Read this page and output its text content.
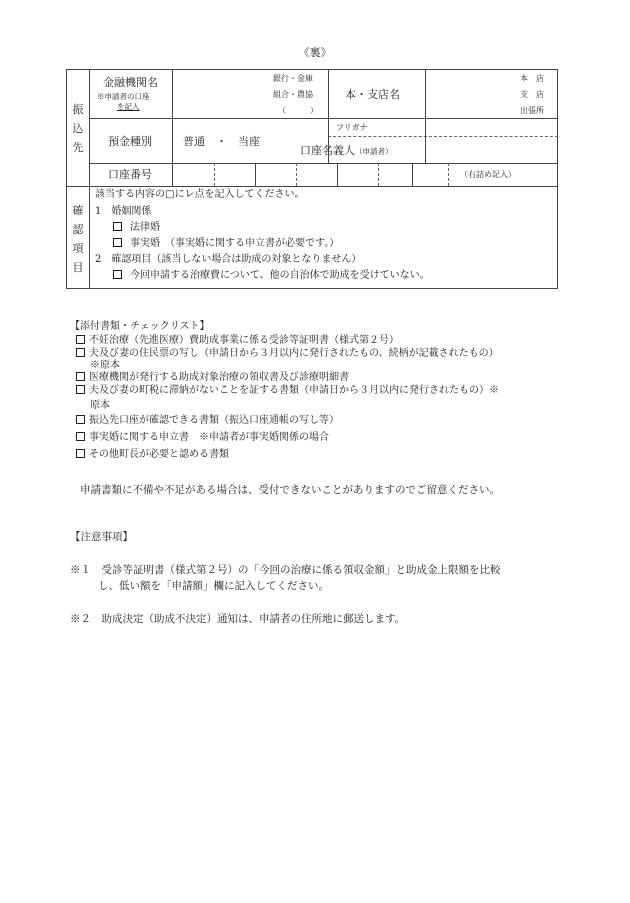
《裏》
振
込
先
金融機関名
※申請者の口座
を記入
銀行・金庫
組合・農協
（　　　）
本・支店名
本　店
支　店
出張所
預金種別	普通　・　当座
フリガナ
口座名義人（申請者）
口座番号	（右詰め記入）
確
認
項
目
該当する内容の□にレ点を記入してください。
1　婚姻関係
法律婚
事実婚　（事実婚に関する申立書が必要です。）
2　確認項目（該当しない場合は助成の対象となりません）
今回申請する治療費について、他の自治体で助成を受けていない。
【添付書類・チェックリスト】
不妊治療（先進医療）費助成事業に係る受診等証明書（様式第２号）
夫及び妻の住民票の写し（申請日から３月以内に発行されたもの、続柄が記載されたもの）
※原本
医療機関が発行する助成対象治療の領収書及び診療明細書
夫及び妻の町税に滞納がないことを証する書類（申請日から３月以内に発行されたもの）※
原本
振込先口座が確認できる書類（振込口座通帳の写し等）
事実婚に関する申立書　※申請者が事実婚関係の場合
その他町長が必要と認める書類
申請書類に不備や不足がある場合は、受付できないことがありますのでご留意ください。
【注意事項】
※１　受診等証明書（様式第２号）の「今回の治療に係る領収金額」と助成金上限額を比較
し、低い額を「申請額」欄に記入してください。
※２　助成決定（助成不決定）通知は、申請者の住所地に郵送します。
